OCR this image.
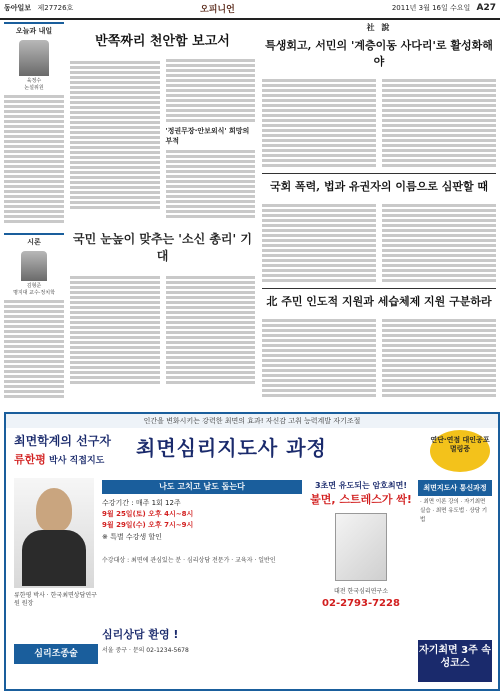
동아일보 제27726호	오피니언	2011년 3월 16일 수요일 A27
오늘과 내일
육정수
논설위원
시론
김형준
명지대 교수·정치학
반쪽짜리 천안함 보고서
'정권무장·안보외식' 희망의 부적
국민 눈높이 맞추는 '소신 총리' 기대
社 說
특생회고, 서민의 '계층이동 사다리'로 활성화해야
국회 폭력, 법과 유권자의 이름으로 심판할 때
北 주민 인도적 지원과 세습체제 지원 구분하라
인간을 변화시키는 강력한 최면의 효과! 자신감 고취 능력계발 자기조절
최면학계의 선구자
류한평 박사 직접지도
최면심리지도사 과정	연단·연점 대인공포 멸링증
류한평 박사 · 한국최면상담연구원 원장
심리조종술
나도 고치고 남도 돕는다
수강기간 : 매주 1회 12주
9월 25일(토) 오후 4시~8시
9월 29일(수) 오후 7시~9시
※ 특별 수강생 할인
수강대상 : 최면에 관심있는 분 · 심리상담 전문가 · 교육자 · 일반인
심리상담 환영 !
서울 중구 · 문의 02-1234-5678
3초면 유도되는 암호최면!
불면, 스트레스가 싹!
대전 한국심리연구소
02-2793-7228
최면지도사 통신과정
· 최면 이론 강의 · 자기최면 실습 · 최면 유도법 · 상담 기법
자기최면 3주 속성코스
